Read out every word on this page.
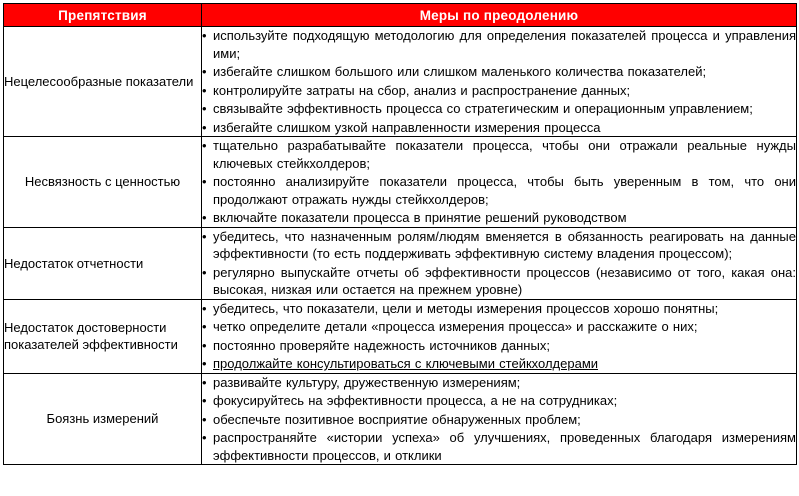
Препятствия	Меры по преодолению
Нецелесообразные показатели	
• используйте подходящую методологию для определения показателей процесса и управления ими;
• избегайте слишком большого или слишком маленького количества показателей;
• контролируйте затраты на сбор, анализ и распространение данных;
• связывайте эффективность процесса со стратегическим и операционным управлением;
• избегайте слишком узкой направленности измерения процесса

Несвязность с ценностью	
• тщательно разрабатывайте показатели процесса, чтобы они отражали реальные нужды ключевых стейкхолдеров;
• постоянно анализируйте показатели процесса, чтобы быть уверенным в том, что они продолжают отражать нужды стейкхолдеров;
• включайте показатели процесса в принятие решений руководством

Недостаток отчетности	
• убедитесь, что назначенным ролям/людям вменяется в обязанность реагировать на данные эффективности (то есть поддерживать эффективную систему владения процессом);
• регулярно выпускайте отчеты об эффективности процессов (независимо от того, какая она: высокая, низкая или остается на прежнем уровне)

Недостаток достоверности показателей эффективности	
• убедитесь, что показатели, цели и методы измерения процессов хорошо понятны;
• четко определите детали «процесса измерения процесса» и расскажите о них;
• постоянно проверяйте надежность источников данных;
• продолжайте консультироваться с ключевыми стейкхолдерами

Боязнь измерений	
• развивайте культуру, дружественную измерениям;
• фокусируйтесь на эффективности процесса, а не на сотрудниках;
• обеспечьте позитивное восприятие обнаруженных проблем;
• распространяйте «истории успеха» об улучшениях, проведенных благодаря измерениям эффективности процессов, и отклики
